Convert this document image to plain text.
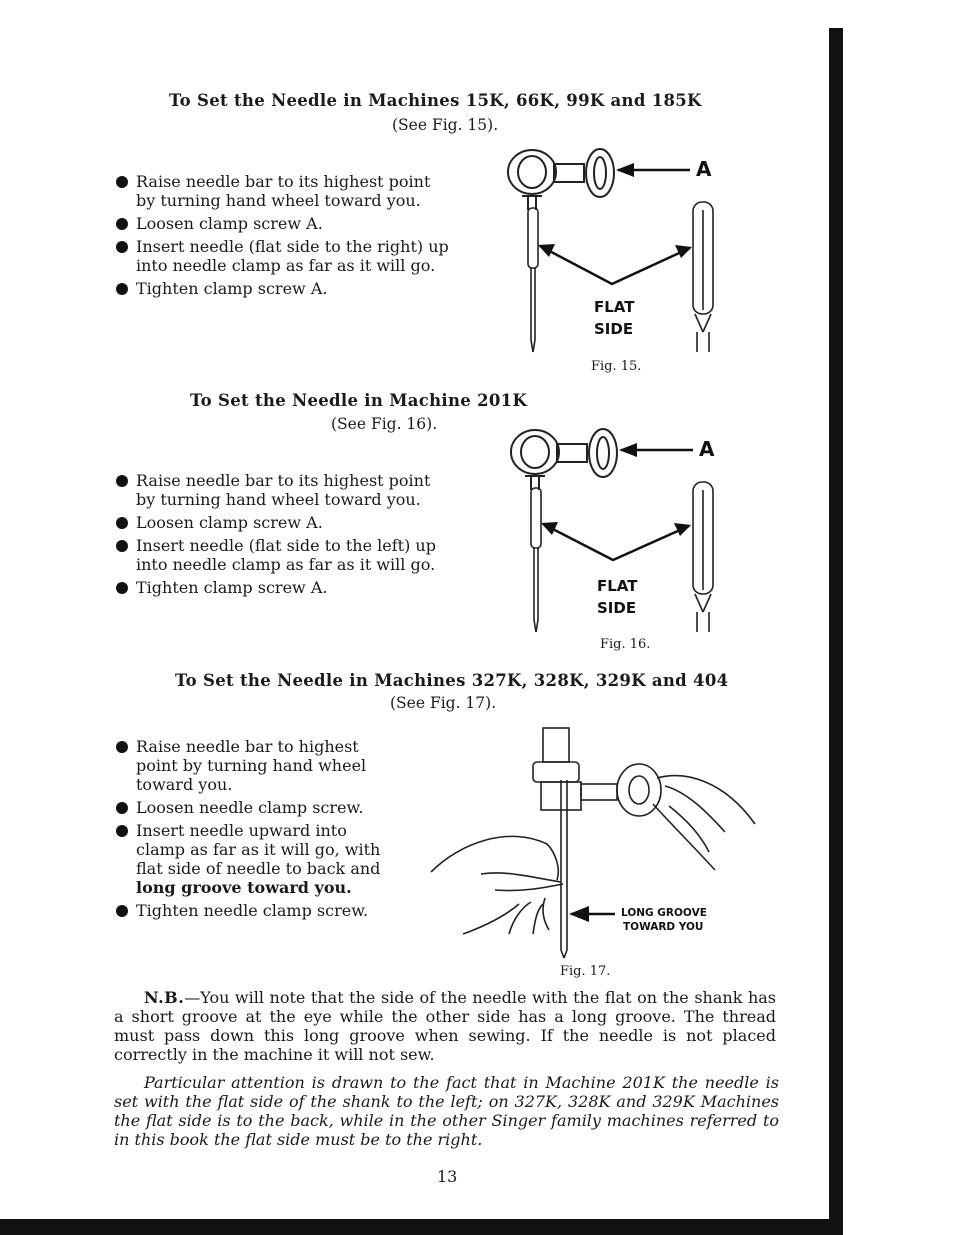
To Set the Needle in Machines 15K, 66K, 99K and 185K
(See Fig. 15).
Raise needle bar to its highest point by turning hand wheel toward you.
Loosen clamp screw A.
Insert needle (flat side to the right) up into needle clamp as far as it will go.
Tighten clamp screw A.
A
FLAT
SIDE
Fig. 15.
To Set the Needle in Machine 201K
(See Fig. 16).
Raise needle bar to its highest point by turning hand wheel toward you.
Loosen clamp screw A.
Insert needle (flat side to the left) up into needle clamp as far as it will go.
Tighten clamp screw A.
A
FLAT
SIDE
Fig. 16.
To Set the Needle in Machines 327K, 328K, 329K and 404
(See Fig. 17).
Raise needle bar to highest point by turning hand wheel toward you.
Loosen needle clamp screw.
Insert needle upward into clamp as far as it will go, with flat side of needle to back and long groove toward you.
Tighten needle clamp screw.	LONG GROOVE
TOWARD YOU
Fig. 17.

N.B.—You will note that the side of the needle with the flat on the shank has a short groove at the eye while the other side has a long groove. The thread must pass down this long groove when sewing. If the needle is not placed correctly in the machine it will not sew.

Particular attention is drawn to the fact that in Machine 201K the needle is set with the flat side of the shank to the left; on 327K, 328K and 329K Machines the flat side is to the back, while in the other Singer family machines referred to in this book the flat side must be to the right.

13
